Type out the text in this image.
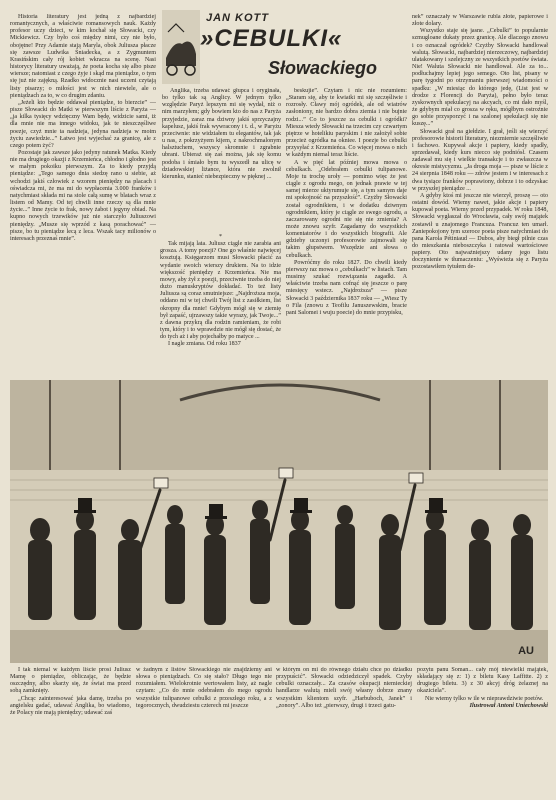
Historia literatury jest jedną z najbardziej romantycznych, a właściwie romansowych nauk. Każdy profesor uczy dzieci, w kim kochał się Słowacki, czy Mickiewicz. Czy było coś między nimi, czy nie było, obojętne! Przy Adamie stają Maryla, obok Juliusza płacze się zawsze Ludwika Śniadecka, a z Zygmuntem Krasińskim cały rój kobiet wkracza na scenę. Nasi historycy literatury uważają, że poeta kocha się albo pisze wiersze; natomiast z czego żyje i skąd ma pieniądze, o tym się już nie zajękną. Rzadko widocznie nasi uczeni czytają listy pisarzy; o miłości jest w nich niewiele, ale o pieniądzach za to, w co drugim zdaniu.

„Jeżeli kto będzie oddawał pieniądze, to bierzcie” — pisze Słowacki do Matki w pierwszym liście z Paryża — „ja kilka tysięcy wdzięczny Wam będę, widzicie sami, iż dla mnie nie ma innego widoku, jak te nieszczęśliwe poezje, czyż mnie ta nadzieja, jedyna nadzieja w moim życiu zawiedzie...” Łatwo jest wyjechać za granicę, ale z czego potem żyć?

Pozostaje jak zawsze jako jedyny ratunek Matka. Kiedy nie ma drugiego okazji z Krzemieńca, chłodno i głodno jest w małym pokoiku pierwszym. Za to kiedy przyjdą pieniądze: „Tego samego dnia siedzę rano u siebie, aż wchodzi jakiś człowiek z wzorem pieniędzy na placach i oświadcza mi, że ma mi do wypłacenia 3.000 franków i natychmiast składa mi na stole całą sumę w blatach wraz z listem od Mamy. Od tej chwili inne rzeczy są dla mnie życie...” Inne życie to frak, nowy żabot i jegyny obiad. Na kupno nowych trzewików już nie starczyło Juliuszowi pieniędzy. „Musze się wprzód z kasą porachować” — pisze, bo tu pieniądze lecą z leca. Wszak tacy milionów o interesach przeznaś mnie”.

JAN KOTT
»CEBULKI«
Słowackiego

Anglika, trzeba udawać głupca i oryginała, bo tylko tak są Anglicy. W jednym tylko względzie Paryż lepszym mi się wydał, niż o nim marzyłem; gdy bowiem kto do nas z Paryża przyjedzie, zaraz ma dziwny jakiś sprzyczajny kapelusz, jakiś frak wywracony i t. d., w Paryżu przeciwnie: nie widziałem tu elegantów, tak jak u nas, z pokrzyżyem kijem, z nakrochmalonym halsztuchem, wszyscy skromnie i zgrabnie ubrani. Ubieraż się zaś można, jak się komu podoba i śmiało bym tu wyszedł na ulicę w dziadowskiej liżance, która nie zwolnił kierunku, stanieć niebezpieczny w pięknej ...

*

Tak mijają lata. Juliusz ciągle nie zarabia ani grosza. A tomy poezji? One go właśnie najwięcej kosztują. Księgarzom musi Słowacki płacić za wydanie swoich wierszy drukiem. Na to idzie większość pieniędzy z Krzemieńca. Nie ma mowy, aby żył z poezji, przeciwnie trzeba do niej dużo manuskryptów dokładać. To też listy Juliusza są coraz smutniejsze: „Najdroższa moja, oddano mi w tej chwili Twój list z zasiłkiem, list okropny dla mnie! Gdybym mógł się w ziemię był zapaść, ujrzawszy takie wyrazy, jak Twoje...” z dawna przykrą dla rodzin ramieniam, że robi tym, który i to wprawdzie nie mógł się dostać, że do tych aż i aby pojechałby po matyce ...

I nagle zmiana. Od roku 1837

beskujie”. Czytam i nic nie rozumiem: „Staram się, aby te kwiatki mi się szczęśliwie i rozrosły. Cławy mój ogródek, ale od wiatrów zasłoniony, nie bardzo dobra ziemia i nie bujnie rodzi...” Co to jeszcze za cebulki i ogródki? Miesza wtedy Słowacki na trzecim czy czwartym piętrze w hotelikiu paryskim i nie założył sobie przecież ogródka na okniee. I poezje bo cebulki przysyłać z Krzemieńca. Co więcej mowa o nich w każdym niemal teraz liście.

A w pięć lat później mowa mowa o cebulkach. „Odebrałem cebulki tulipanowe. Moje tu trochę uroły — pomimo więc że jest ciągle z ogrodu mego, on jednak prawie w tej samej mierze uktyrumuje się, a tym samym daje mi spokojność na przyszłość”. Czyżby Słowacki został ogrodnikiem, i w dodatku dziwnym ogrodnikiem, który je ciągle ze swego ogrodu, a zaczarowany ogrodni nie się nie zmienia? A może znowu szyfr. Zagadamy do wszystkich komentatorów i do wszystkich biografii. Ale gdzieby uczonyi profesorowie zajmowali się takim głupstwem. Wszędzie ani słowa o cebulkach.

Powróćmy do roku 1827. Do chwili kiedy pierwszy raz mowa o „cebulkach” w listach. Tam musimy szukać rozwiązania zagadki. A właściwie trzeba nam cofnąć się jeszcze o parę miesięcy wstecz. „Najdroższa” — pisze Słowacki 3 października 1837 roku — „Wiesz Ty o Fila (znowu z Teofilu Januszewskim, bracie pani Salomei i wuju poecie) do mnie przypisku,

nek” oznaczały w Warszawie rubla złote, papierowe i złote dolary.

Wszystko staje się jasne. „Cebulki” to popularnie szmugloane dukaty przez granicę. Ale dlaczego znowu i co oznaczał ogródek? Czyżby Słowacki handlował walutą. Słowacki, najbardziej nierzeczowy, najbardziej ulatakowany i szelejczny ze wszystkich poetów świata. Nie! Waluta Słowacki nie handlował. Ale za to... podłuchajmy lepiej jego semego. Oto list, pisany w parę tygodni po otrzymaniu pierwszej wiadomości o spadku: „W miesiąc do którego jedę, (List jest w drodze z Florencji do Paryża), pełno było teraz zyskownych spekulacyj na akcyach, co mi dało myśl, że gdybym miał co grosza w ręku, mógłbym ostrożnie go sobie przysporzyć i na szalonej spekulacji się nie kuszę...”

Słowacki grał na giełdzie. I grał, jeśli się wierzyć profesorowie historii literatury, niezmiernie szczęśliwie i fachowo. Kupywał akcje i papiery, kiedy spadły, sprzedawał, kiedy kurs niecco się podniósł. Czasem zadawał mu się i wielkie transakcje i to zwłaszcza w okresie mistycyzmu. „Ja droga moja — pisze w liście z 24 sierpnia 1848 roku — zdrów jestem i w interesach z dwa tysiące franków poprawiony, dobrze i to odzyskac w przyszłej pieniądze ...

A gdyby ktoś mi jeszcze nie wierzył, proszę — oto ostatni dowód. Wiemy nawet, jakie akcje i papiery kupował poeta. Wiemy przed przypadek. W roku 1848, Słowacki wygłaszał do Wrocławia, cały swój majątek zostawił u znajomego Francuza. Francuz ten umarł. Zaniepokojony tym szeroce poeta pisze natychmiast do pana Karola Pétiniaud — Dubos, aby biegł pilnie czas do mieszkania nieboszczyka i ratował wartościowe papiery. Oto najważniejszy udany jego listu doczynienie w tłumaczeniu: „Wyświeża się z Paryża pozostawiłem tytułem de-

AU

I tak niemal w każdym liście prosi Juliusz Mamę o pieniądze, obliczając, że będzie oszczędny, albo skarży się, że świat ma przed sobą zamknięty.

„Chcąc zainteresować jaka damę, trzeba po angielsku gadać, udawać Anglika, bo wiadomo, że Polacy nie mają pieniędzy; udawać zaś

w żadnym z listów Słowackiego nie znajdziemy ani słowa o pieniądzach. Co się stało? Długo tego nie rozumiałem. Wielokrotnie wertowałem listy, aż nagle czytam: „Co do mnie odebrałem do mego ogrodu wszystkie tulipanowe cebulki z przeszłego roku, a z tegorocznych, dwudziestu czterech mi jeszcze

w którym on mi do równego działu chce po dziadku przypuścić”. Słowacki odziedziczył spadek. Czyby cebulki oznaczały... Za czasów okupacji niemieckiej handlarze walutą mieli swój własny dobrze znany wszystkim klientom szyfr. „Harbuboch, Janek” i „zonory”. Albo też „pierwszy, drugi i trzeci gatu-

pozytu panu Soman... cały mój niewielki majątek, składający się z: 1) z biletu Kasy Laffitte. 2) z drugiego biletu. 3) z 30 akcyj dróg żelaznej na okaziciela”.

Nie wiemy tylko w ile w nieprawdziwie poetów.

Ilustrował Antoni Uniechowski
